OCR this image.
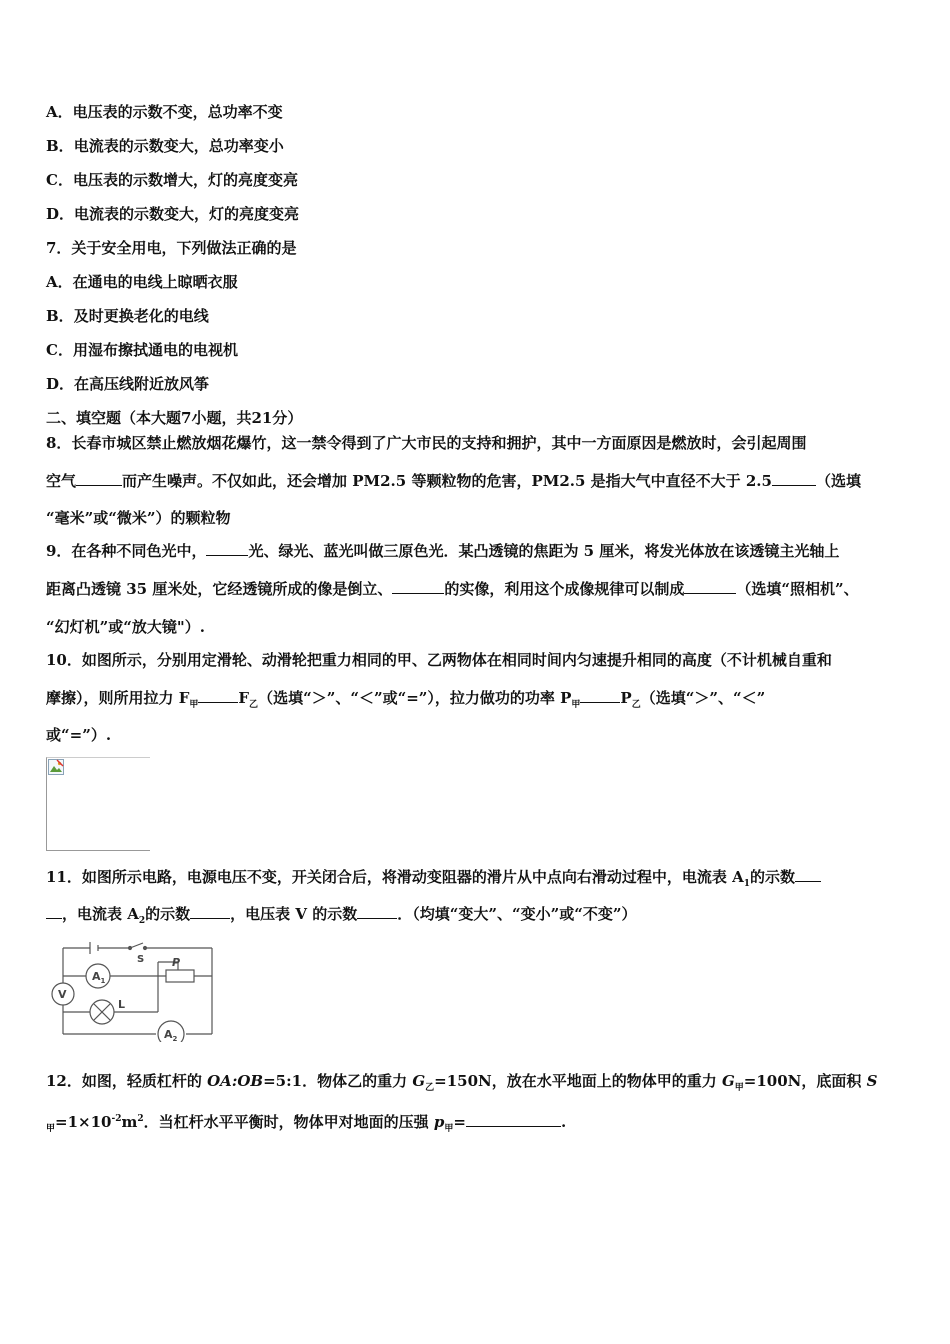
A．电压表的示数不变，总功率不变
B．电流表的示数变大，总功率变小
C．电压表的示数增大，灯的亮度变亮
D．电流表的示数变大，灯的亮度变亮
7．关于安全用电，下列做法正确的是
A．在通电的电线上晾晒衣服
B．及时更换老化的电线
C．用湿布擦拭通电的电视机
D．在高压线附近放风筝
二、填空题（本大题7小题，共21分）
8．长春市城区禁止燃放烟花爆竹，这一禁令得到了广大市民的支持和拥护，其中一方面原因是燃放时，会引起周围
空气	而产生噪声。不仅如此，还会增加 PM2.5 等颗粒物的危害，PM2.5 是指大气中直径不大于 2.5	（选填
“毫米”或“微米”）的颗粒物
9．在各种不同色光中，	光、绿光、蓝光叫做三原色光．某凸透镜的焦距为 5 厘米，将发光体放在该透镜主光轴上
距离凸透镜 35 厘米处，它经透镜所成的像是倒立、	的实像，利用这个成像规律可以制成	（选填“照相机”、
“幻灯机”或“放大镜"）.
10．如图所示，分别用定滑轮、动滑轮把重力相同的甲、乙两物体在相同时间内匀速提升相同的高度（不计机械自重和
摩擦），则所用拉力 $F_甲$	$F_乙$（选填“＞”、“＜”或“=”），拉力做功的功率 $P_甲$	$P_乙$（选填“＞”、“＜”
或“=”）.
11．如图所示电路，电源电压不变，开关闭合后，将滑动变阻器的滑片从中点向右滑动过程中，电流表 $A_1$的示数
，电流表 $A_2$的示数	，电压表 V 的示数	．（均填“变大”、“变小”或“不变”）
P
S
$A_1$
$A_2$
V
L
12．如图，轻质杠杆的 OA:OB=5:1．物体乙的重力 $G_乙=150N$，放在水平地面上的物体甲的重力 $G_甲=100N$，底面积 S
$_甲=1\times 10^{-2}m^2$．当杠杆水平平衡时，物体甲对地面的压强 $p_甲=$	.
